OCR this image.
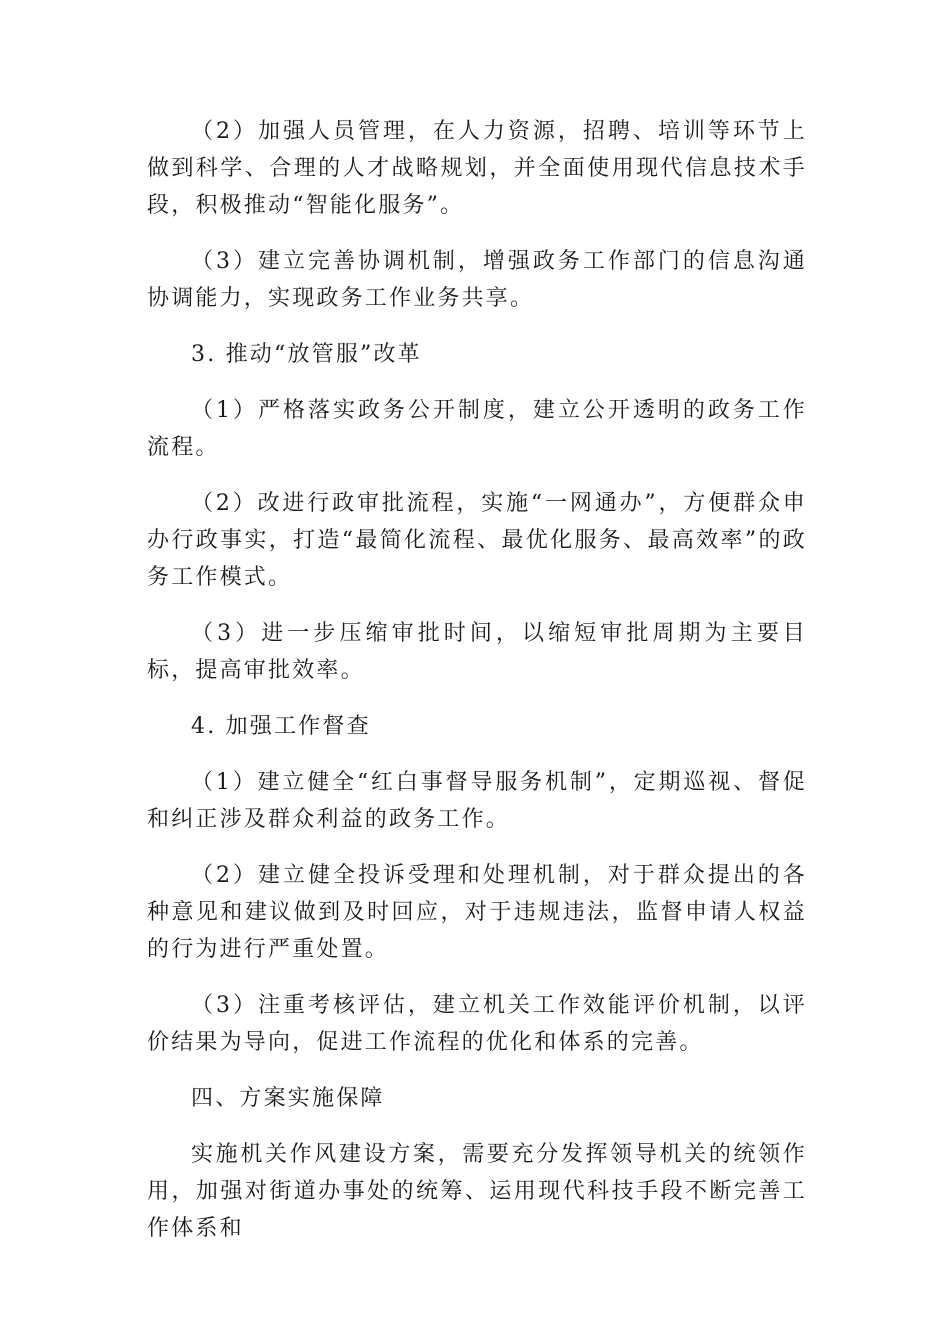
（2）加强人员管理，在人力资源，招聘、培训等环节上做到科学、合理的人才战略规划，并全面使用现代信息技术手段，积极推动“智能化服务”。

（3）建立完善协调机制，增强政务工作部门的信息沟通协调能力，实现政务工作业务共享。

3. 推动“放管服”改革

（1）严格落实政务公开制度，建立公开透明的政务工作流程。

（2）改进行政审批流程，实施“一网通办”，方便群众申办行政事实，打造“最简化流程、最优化服务、最高效率”的政务工作模式。

（3）进一步压缩审批时间，以缩短审批周期为主要目标，提高审批效率。

4. 加强工作督查

（1）建立健全“红白事督导服务机制”，定期巡视、督促和纠正涉及群众利益的政务工作。

（2）建立健全投诉受理和处理机制，对于群众提出的各种意见和建议做到及时回应，对于违规违法，监督申请人权益的行为进行严重处置。

（3）注重考核评估，建立机关工作效能评价机制，以评价结果为导向，促进工作流程的优化和体系的完善。

四、方案实施保障

实施机关作风建设方案，需要充分发挥领导机关的统领作用，加强对街道办事处的统筹、运用现代科技手段不断完善工作体系和
